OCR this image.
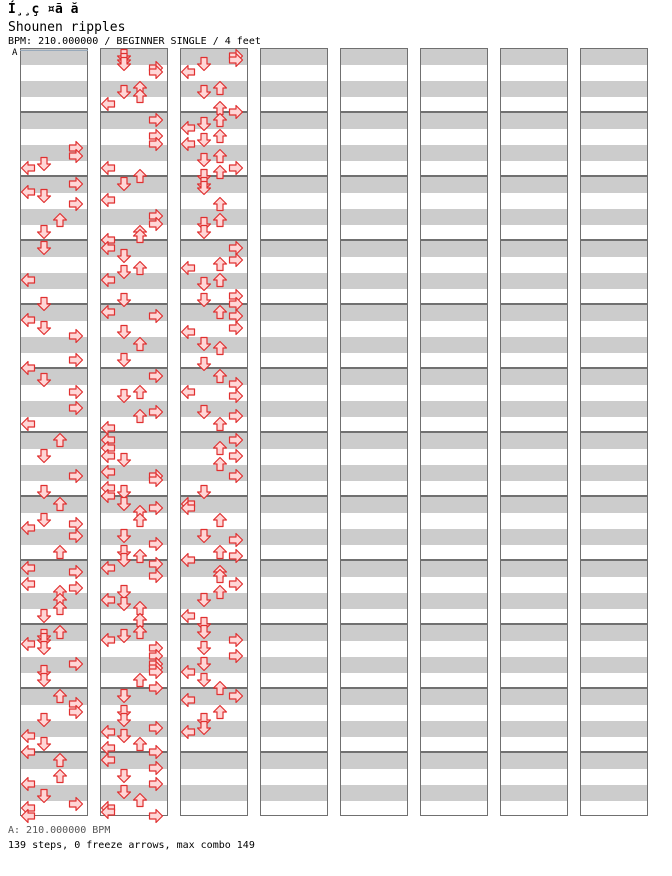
Í¸¸ç ¤ã ă
Shounen ripples
BPM: 210.000000 / BEGINNER SINGLE / 4 feet
A
A: 210.000000 BPM
139 steps, 0 freeze arrows, max combo 149
